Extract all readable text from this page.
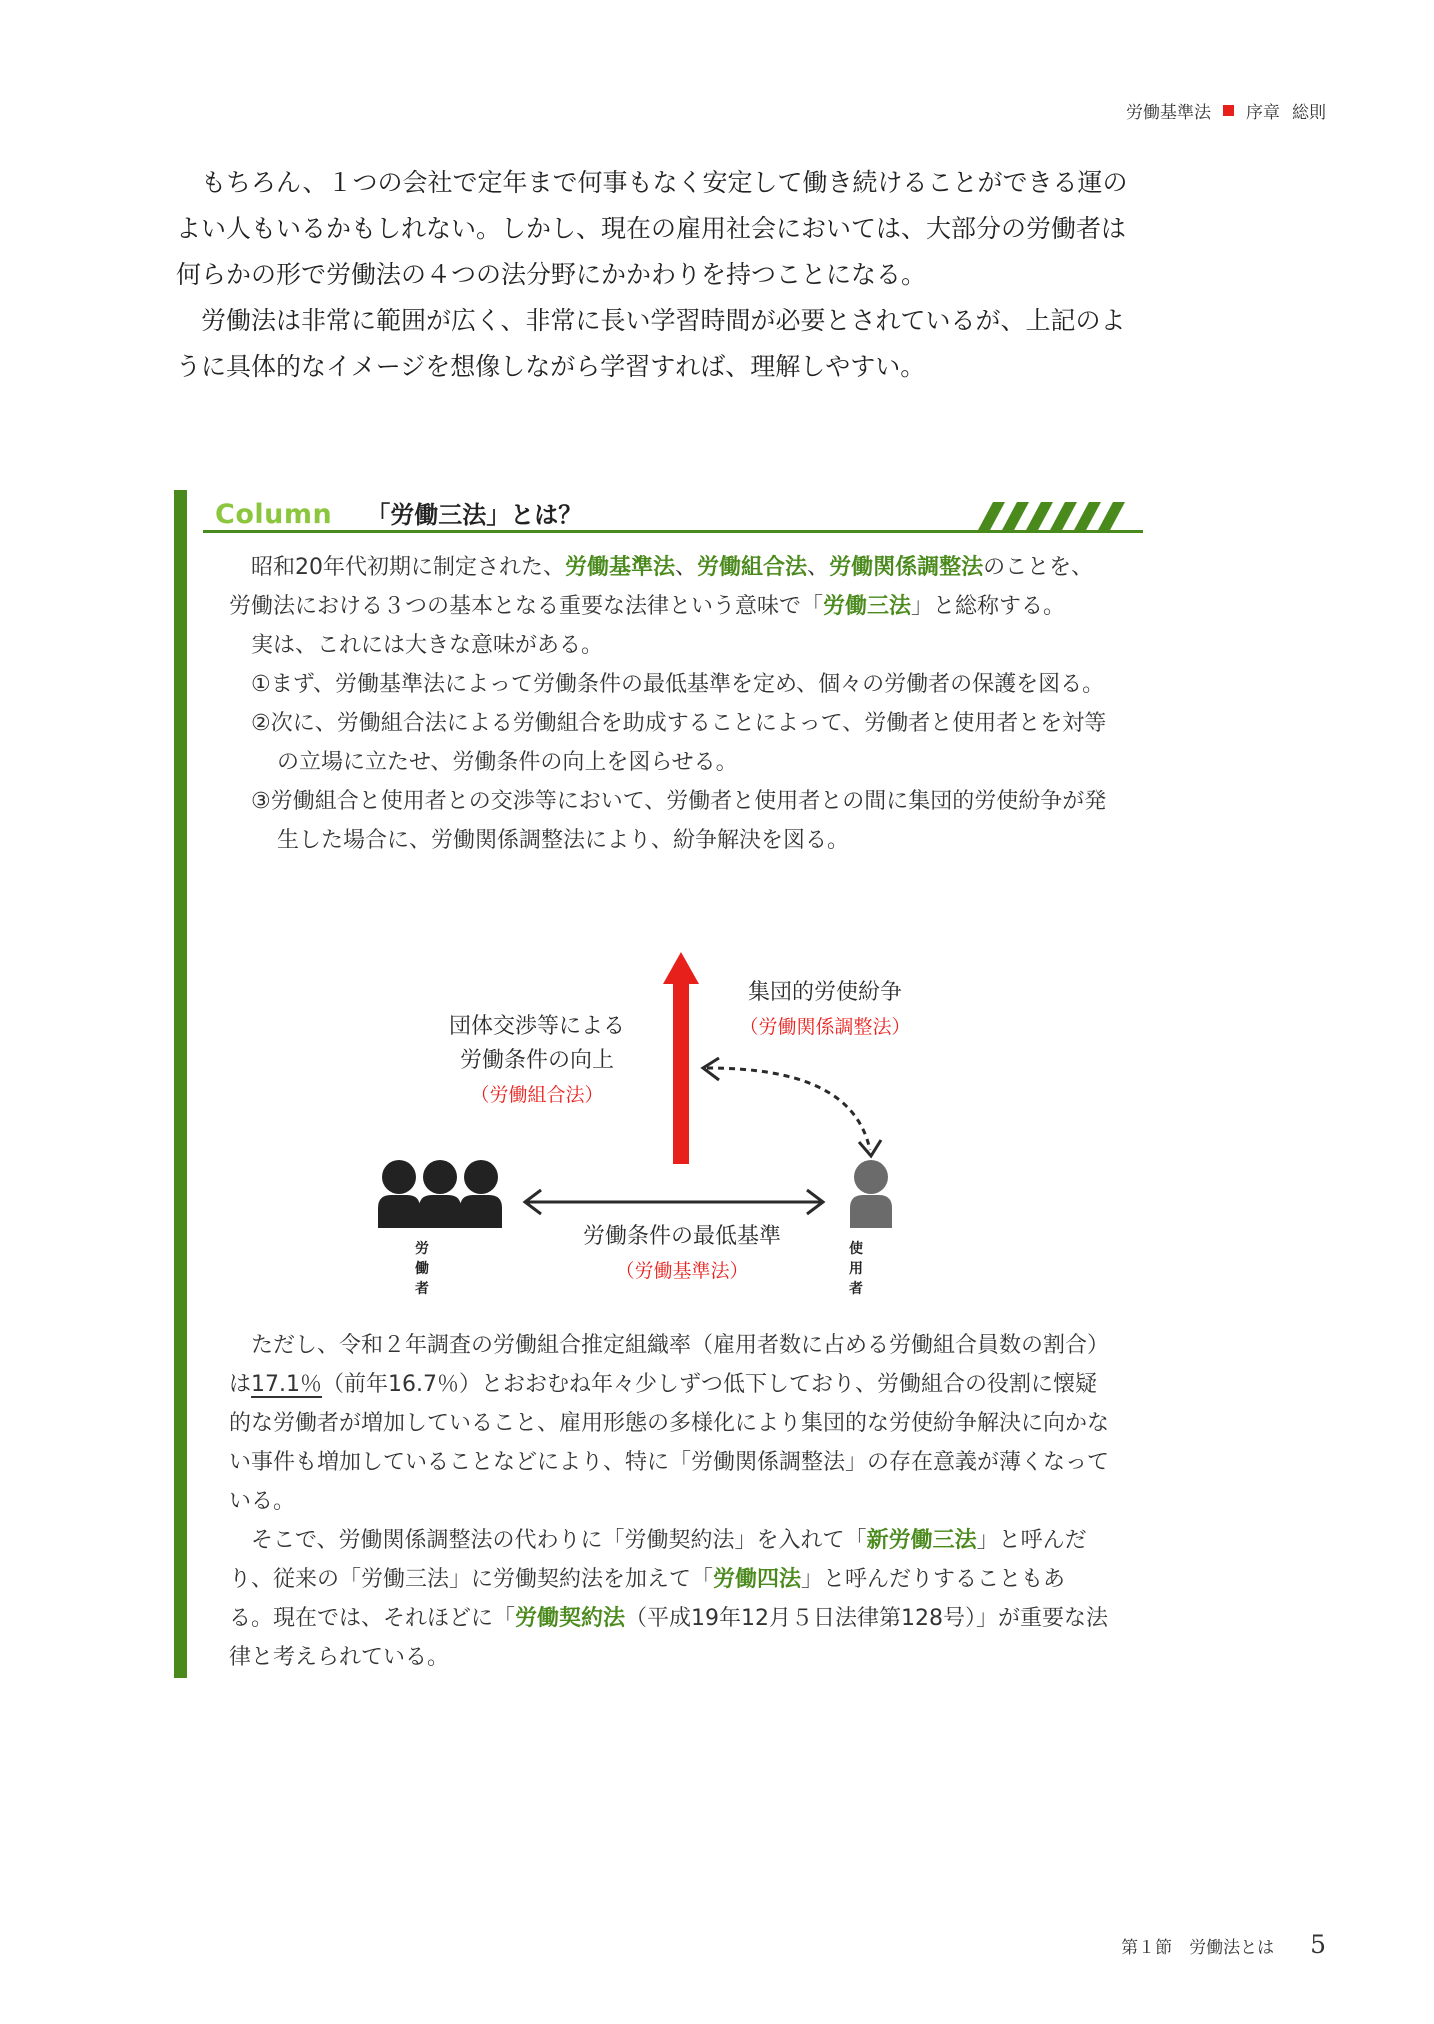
労働基準法 序章 総則

もちろん、１つの会社で定年まで何事もなく安定して働き続けることができる運のよい人もいるかもしれない。しかし、現在の雇用社会においては、大部分の労働者は何らかの形で労働法の４つの法分野にかかわりを持つことになる。

労働法は非常に範囲が広く、非常に長い学習時間が必要とされているが、上記のように具体的なイメージを想像しながら学習すれば、理解しやすい。

Column 「労働三法」とは？

昭和20年代初期に制定された、労働基準法、労働組合法、労働関係調整法のことを、労働法における３つの基本となる重要な法律という意味で「労働三法」と総称する。

実は、これには大きな意味がある。

①まず、労働基準法によって労働条件の最低基準を定め、個々の労働者の保護を図る。

②次に、労働組合法による労働組合を助成することによって、労働者と使用者とを対等の立場に立たせ、労働条件の向上を図らせる。

③労働組合と使用者との交渉等において、労働者と使用者との間に集団的労使紛争が発生した場合に、労働関係調整法により、紛争解決を図る。

団体交渉等による
労働条件の向上
（労働組合法）
集団的労使紛争
（労働関係調整法）
労働条件の最低基準
（労働基準法）
労働者
使用者

ただし、令和２年調査の労働組合推定組織率（雇用者数に占める労働組合員数の割合）は17.1％（前年16.7％）とおおむね年々少しずつ低下しており、労働組合の役割に懐疑的な労働者が増加していること、雇用形態の多様化により集団的な労使紛争解決に向かない事件も増加していることなどにより、特に「労働関係調整法」の存在意義が薄くなっている。

そこで、労働関係調整法の代わりに「労働契約法」を入れて「新労働三法」と呼んだり、従来の「労働三法」に労働契約法を加えて「労働四法」と呼んだりすることもある。現在では、それほどに「労働契約法（平成19年12月５日法律第128号）」が重要な法律と考えられている。

第１節　 労働法とは 5
